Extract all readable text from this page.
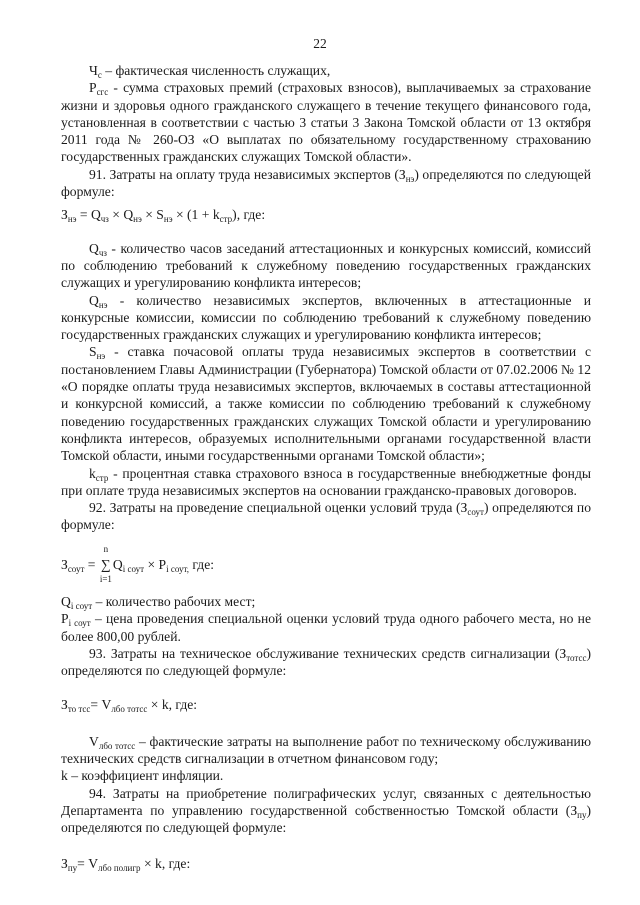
22

$Ч_с$ – фактическая численность служащих,

$Р_{сгс}$ - сумма страховых премий (страховых взносов), выплачиваемых за страхование жизни и здоровья одного гражданского служащего в течение текущего финансового года, установленная в соответствии с частью 3 статьи 3 Закона Томской области от 13 октября 2011 года № 260-ОЗ «О выплатах по обязательному государственному страхованию государственных гражданских служащих Томской области».

91. Затраты на оплату труда независимых экспертов $(З_{нэ})$ определяются по следующей формуле:

$З_{нэ} = Q_{чз} \times Q_{нэ} \times S_{нэ} \times (1 + k_{стр})$, где:

$Q_{чз}$ - количество часов заседаний аттестационных и конкурсных комиссий, комиссий по соблюдению требований к служебному поведению государственных гражданских служащих и урегулированию конфликта интересов;

$Q_{нэ}$ - количество независимых экспертов, включенных в аттестационные и конкурсные комиссии, комиссии по соблюдению требований к служебному поведению государственных гражданских служащих и урегулированию конфликта интересов;

$S_{нэ}$ - ставка почасовой оплаты труда независимых экспертов в соответствии с постановлением Главы Администрации (Губернатора) Томской области от 07.02.2006 № 12 «О порядке оплаты труда независимых экспертов, включаемых в составы аттестационной и конкурсной комиссий, а также комиссии по соблюдению требований к служебному поведению государственных гражданских служащих Томской области и урегулированию конфликта интересов, образуемых исполнительными органами государственной власти Томской области, иными государственными органами Томской области»;

$k_{стр}$ - процентная ставка страхового взноса в государственные внебюджетные фонды при оплате труда независимых экспертов на основании гражданско-правовых договоров.

92. Затраты на проведение специальной оценки условий труда $(З_{соут})$ определяются по формуле:

$З_{соут}$ =
n
∑
i=1
$Q_{i соут} \times P_{i соут,}$ где:

$Q_{i соут}$ – количество рабочих мест;

$P_{i соут}$ – цена проведения специальной оценки условий труда одного рабочего места, но не более 800,00 рублей.

93. Затраты на техническое обслуживание технических средств сигнализации $(З_{тотсс})$ определяются по следующей формуле:

$З_{то тсс}= V_{лбо тотсс} \times k$, где:

$V_{лбо тотсс}$ – фактические затраты на выполнение работ по техническому обслуживанию технических средств сигнализации в отчетном финансовом году;

k – коэффициент инфляции.

94. Затраты на приобретение полиграфических услуг, связанных с деятельностью Департамента по управлению государственной собственностью Томской области $(З_{пу})$ определяются по следующей формуле:

$З_{пу}= V_{лбо полигр} \times k$, где:
